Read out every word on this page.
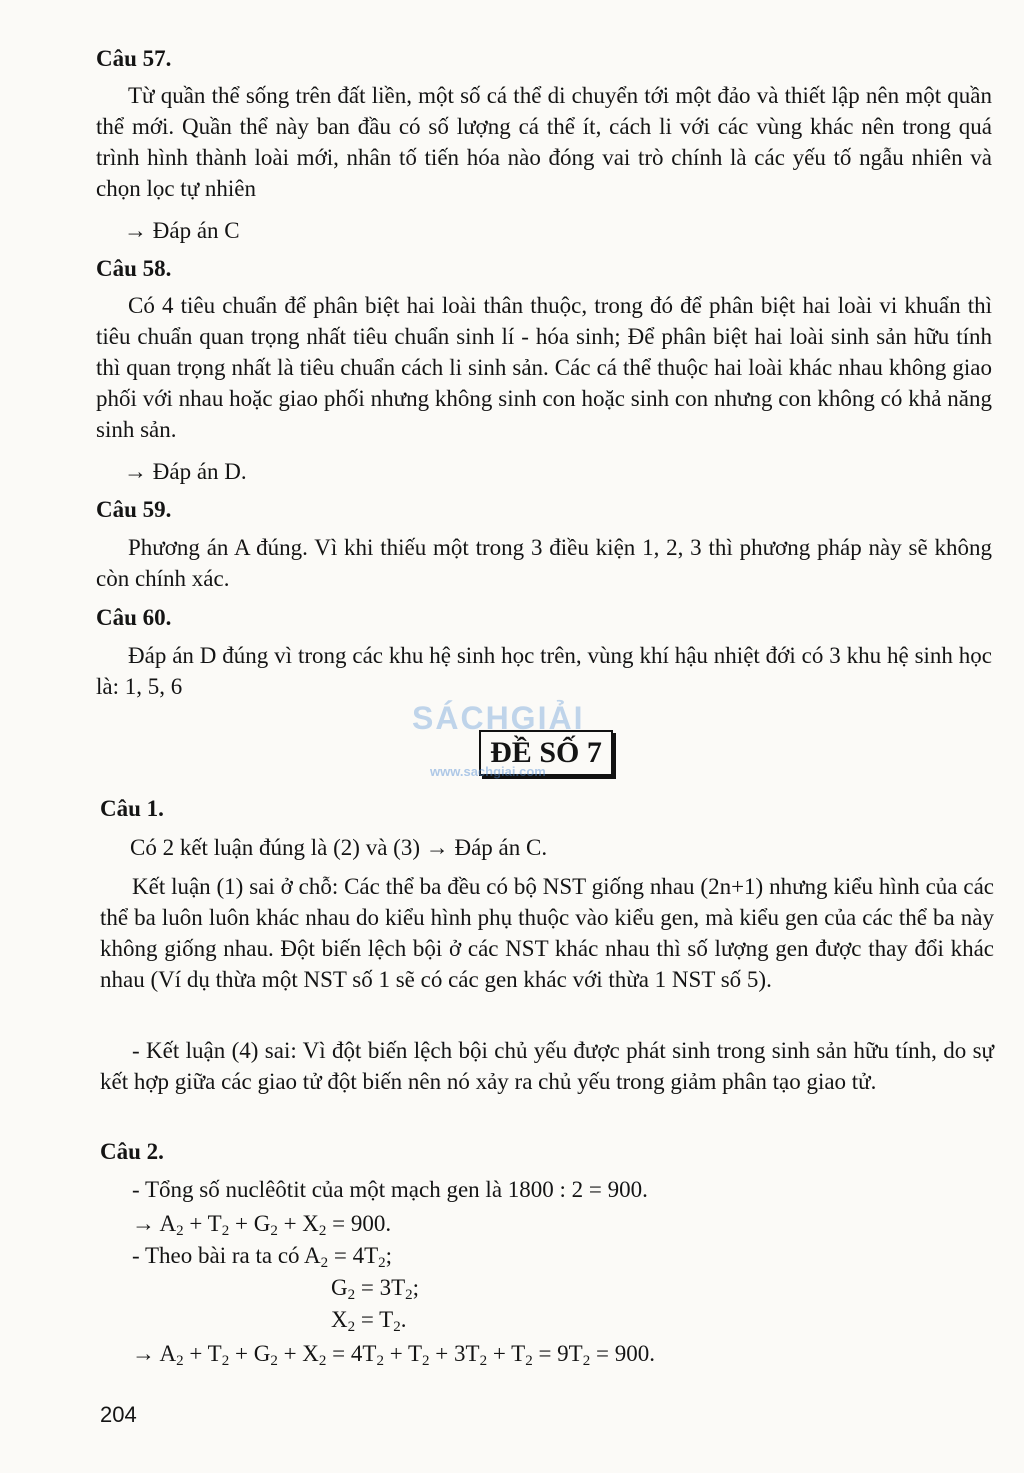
Câu 57.

Từ quần thể sống trên đất liền, một số cá thể di chuyển tới một đảo và thiết lập nên một quần thể mới. Quần thể này ban đầu có số lượng cá thể ít, cách li với các vùng khác nên trong quá trình hình thành loài mới, nhân tố tiến hóa nào đóng vai trò chính là các yếu tố ngẫu nhiên và chọn lọc tự nhiên

→ Đáp án C
Câu 58.

Có 4 tiêu chuẩn để phân biệt hai loài thân thuộc, trong đó để phân biệt hai loài vi khuẩn thì tiêu chuẩn quan trọng nhất tiêu chuẩn sinh lí - hóa sinh; Để phân biệt hai loài sinh sản hữu tính thì quan trọng nhất là tiêu chuẩn cách li sinh sản. Các cá thể thuộc hai loài khác nhau không giao phối với nhau hoặc giao phối nhưng không sinh con hoặc sinh con nhưng con không có khả năng sinh sản.

→ Đáp án D.
Câu 59.

Phương án A đúng. Vì khi thiếu một trong 3 điều kiện 1, 2, 3 thì phương pháp này sẽ không còn chính xác.

Câu 60.

Đáp án D đúng vì trong các khu hệ sinh học trên, vùng khí hậu nhiệt đới có 3 khu hệ sinh học là: 1, 5, 6

SÁCHGIẢI
ĐỀ SỐ 7
www.sachgiai.com
Câu 1.
Có 2 kết luận đúng là (2) và (3) → Đáp án C.

Kết luận (1) sai ở chỗ: Các thể ba đều có bộ NST giống nhau (2n+1) nhưng kiểu hình của các thể ba luôn luôn khác nhau do kiểu hình phụ thuộc vào kiểu gen, mà kiểu gen của các thể ba này không giống nhau. Đột biến lệch bội ở các NST khác nhau thì số lượng gen được thay đổi khác nhau (Ví dụ thừa một NST số 1 sẽ có các gen khác với thừa 1 NST số 5).

- Kết luận (4) sai: Vì đột biến lệch bội chủ yếu được phát sinh trong sinh sản hữu tính, do sự kết hợp giữa các giao tử đột biến nên nó xảy ra chủ yếu trong giảm phân tạo giao tử.

Câu 2.
- Tổng số nuclêôtit của một mạch gen là 1800 : 2 = 900.
→ $A_2 + T_2 + G_2 + X_2 = 900$.
- Theo bài ra ta có $A_2 = 4T_2$;
$G_2 = 3T_2$;
$X_2 = T_2$.
→ $A_2 + T_2 + G_2 + X_2 = 4T_2 + T_2 + 3T_2 + T_2 = 9T_2 = 900$.
204
